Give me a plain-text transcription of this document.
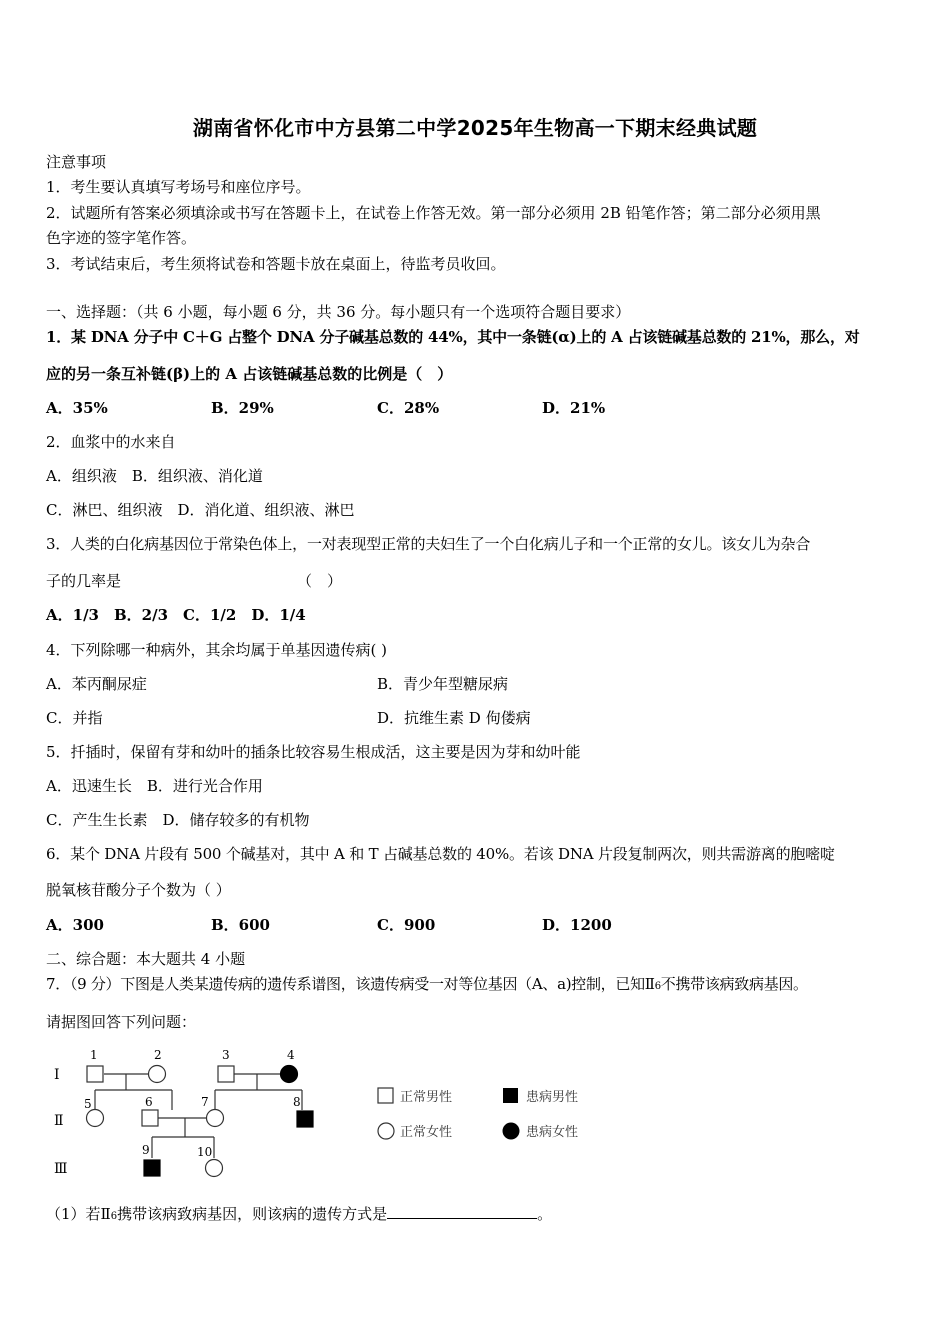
湖南省怀化市中方县第二中学2025年生物高一下期末经典试题
注意事项
1．考生要认真填写考场号和座位序号。
2．试题所有答案必须填涂或书写在答题卡上，在试卷上作答无效。第一部分必须用 2B 铅笔作答；第二部分必须用黑
色字迹的签字笔作答。
3．考试结束后，考生须将试卷和答题卡放在桌面上，待监考员收回。
一、选择题：（共 6 小题，每小题 6 分，共 36 分。每小题只有一个选项符合题目要求）
1．某 DNA 分子中 C＋G 占整个 DNA 分子碱基总数的 44%，其中一条链(α)上的 A 占该链碱基总数的 21%，那么，对
应的另一条互补链(β)上的 A 占该链碱基总数的比例是（　）
A．35%	B．29%	C．28%	D．21%
2．血浆中的水来自
A．组织液　B．组织液、消化道
C．淋巴、组织液　D．消化道、组织液、淋巴
3．人类的白化病基因位于常染色体上，一对表现型正常的夫妇生了一个白化病儿子和一个正常的女儿。该女儿为杂合
子的几率是	（　）
A．1/3　B．2/3　C．1/2　D．1/4
4．下列除哪一种病外，其余均属于单基因遗传病( )
A．苯丙酮尿症	B．青少年型糖尿病
C．并指	D．抗维生素 D 佝偻病
5．扦插时，保留有芽和幼叶的插条比较容易生根成活，这主要是因为芽和幼叶能
A．迅速生长　B．进行光合作用
C．产生生长素　D．储存较多的有机物
6．某个 DNA 片段有 500 个碱基对，其中 A 和 T 占碱基总数的 40%。若该 DNA 片段复制两次，则共需游离的胞嘧啶
脱氧核苷酸分子个数为（ ）
A．300	B．600	C．900	D．1200
二、综合题：本大题共 4 小题
7．（9 分）下图是人类某遗传病的遗传系谱图，该遗传病受一对等位基因（A、a)控制，已知Ⅱ6不携带该病致病基因。
请据图回答下列问题：
Ⅰ
Ⅱ
Ⅲ
1	2	3	4
5	6	7	8
9	10
正常男性	患病男性
正常女性	患病女性
（1）若Ⅱ6携带该病致病基因，则该病的遗传方式是	。
